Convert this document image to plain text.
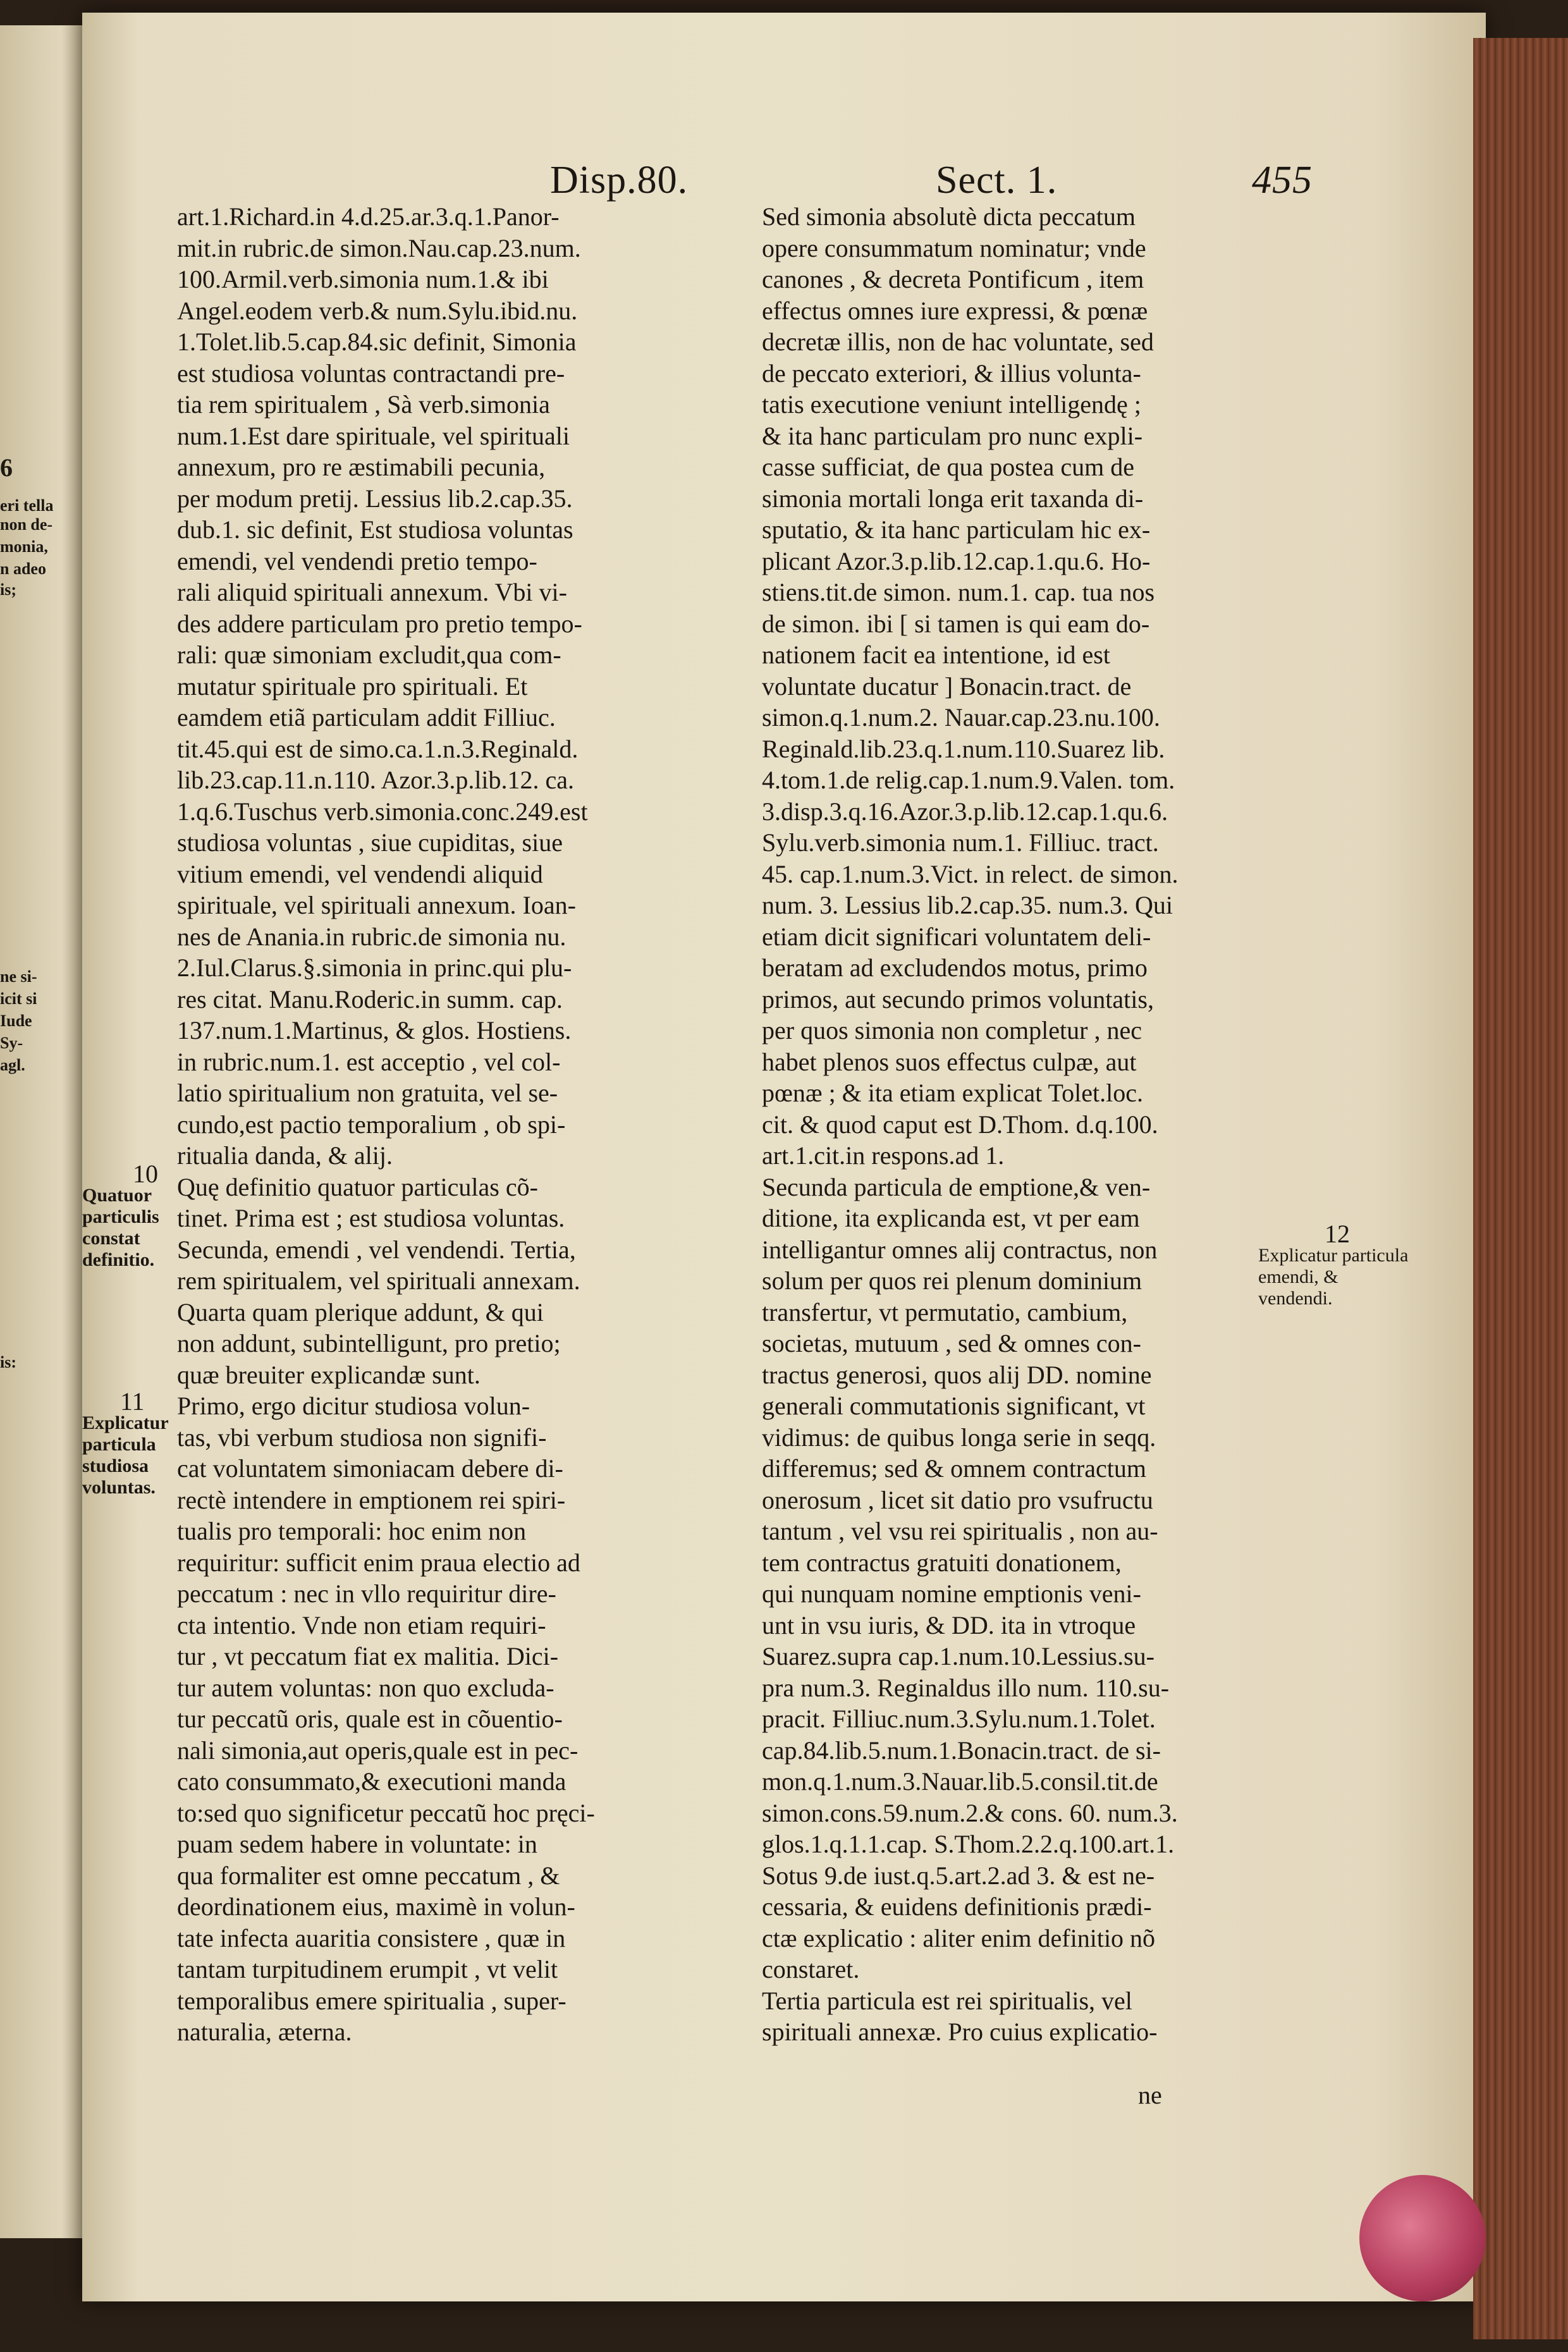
6
eri tella
non de-
monia,
n adeo
is;
ne si-
icit si
Iude
Sy-
agl.
is:
Disp.80.	Sect. 1.	455
art.1.Richard.in 4.d.25.ar.3.q.1.Panor-
mit.in rubric.de simon.Nau.cap.23.num.
100.Armil.verb.simonia num.1.& ibi
Angel.eodem verb.& num.Sylu.ibid.nu.
1.Tolet.lib.5.cap.84.sic definit, Simonia
est studiosa voluntas contractandi pre-
tia rem spiritualem , Sà verb.simonia
num.1.Est dare spirituale, vel spirituali
annexum, pro re æstimabili pecunia,
per modum pretij. Lessius lib.2.cap.35.
dub.1. sic definit, Est studiosa voluntas
emendi, vel vendendi pretio tempo-
rali aliquid spirituali annexum. Vbi vi-
des addere particulam pro pretio tempo-
rali: quæ simoniam excludit,qua com-
mutatur spirituale pro spirituali. Et
eamdem etiã particulam addit Filliuc.
tit.45.qui est de simo.ca.1.n.3.Reginald.
lib.23.cap.11.n.110. Azor.3.p.lib.12. ca.
1.q.6.Tuschus verb.simonia.conc.249.est
studiosa voluntas , siue cupiditas, siue
vitium emendi, vel vendendi aliquid
spirituale, vel spirituali annexum. Ioan-
nes de Anania.in rubric.de simonia nu.
2.Iul.Clarus.§.simonia in princ.qui plu-
res citat. Manu.Roderic.in summ. cap.
137.num.1.Martinus, & glos. Hostiens.
in rubric.num.1. est acceptio , vel col-
latio spiritualium non gratuita, vel se-
cundo,est pactio temporalium , ob spi-
ritualia danda, & alij.
Quę definitio quatuor particulas cõ-
tinet. Prima est ; est studiosa voluntas.
Secunda, emendi , vel vendendi. Tertia,
rem spiritualem, vel spirituali annexam.
Quarta quam plerique addunt, & qui
non addunt, subintelligunt, pro pretio;
quæ breuiter explicandæ sunt.
Primo, ergo dicitur studiosa volun-
tas, vbi verbum studiosa non signifi-
cat voluntatem simoniacam debere di-
rectè intendere in emptionem rei spiri-
tualis pro temporali: hoc enim non
requiritur: sufficit enim praua electio ad
peccatum : nec in vllo requiritur dire-
cta intentio. Vnde non etiam requiri-
tur , vt peccatum fiat ex malitia. Dici-
tur autem voluntas: non quo excluda-
tur peccatũ oris, quale est in cõuentio-
nali simonia,aut operis,quale est in pec-
cato consummato,& executioni manda
to:sed quo significetur peccatũ hoc pręci-
puam sedem habere in voluntate: in
qua formaliter est omne peccatum , &
deordinationem eius, maximè in volun-
tate infecta auaritia consistere , quæ in
tantam turpitudinem erumpit , vt velit
temporalibus emere spiritualia , super-
naturalia, æterna.
Sed simonia absolutè dicta peccatum
opere consummatum nominatur; vnde
canones , & decreta Pontificum , item
effectus omnes iure expressi, & pœnæ
decretæ illis, non de hac voluntate, sed
de peccato exteriori, & illius volunta-
tatis executione veniunt intelligendę ;
& ita hanc particulam pro nunc expli-
casse sufficiat, de qua postea cum de
simonia mortali longa erit taxanda di-
sputatio, & ita hanc particulam hic ex-
plicant Azor.3.p.lib.12.cap.1.qu.6. Ho-
stiens.tit.de simon. num.1. cap. tua nos
de simon. ibi [ si tamen is qui eam do-
nationem facit ea intentione, id est
voluntate ducatur ] Bonacin.tract. de
simon.q.1.num.2. Nauar.cap.23.nu.100.
Reginald.lib.23.q.1.num.110.Suarez lib.
4.tom.1.de relig.cap.1.num.9.Valen. tom.
3.disp.3.q.16.Azor.3.p.lib.12.cap.1.qu.6.
Sylu.verb.simonia num.1. Filliuc. tract.
45. cap.1.num.3.Vict. in relect. de simon.
num. 3. Lessius lib.2.cap.35. num.3. Qui
etiam dicit significari voluntatem deli-
beratam ad excludendos motus, primo
primos, aut secundo primos voluntatis,
per quos simonia non completur , nec
habet plenos suos effectus culpæ, aut
pœnæ ; & ita etiam explicat Tolet.loc.
cit. & quod caput est D.Thom. d.q.100.
art.1.cit.in respons.ad 1.
Secunda particula de emptione,& ven-
ditione, ita explicanda est, vt per eam
intelligantur omnes alij contractus, non
solum per quos rei plenum dominium
transfertur, vt permutatio, cambium,
societas, mutuum , sed & omnes con-
tractus generosi, quos alij DD. nomine
generali commutationis significant, vt
vidimus: de quibus longa serie in seqq.
differemus; sed & omnem contractum
onerosum , licet sit datio pro vsufructu
tantum , vel vsu rei spiritualis , non au-
tem contractus gratuiti donationem,
qui nunquam nomine emptionis veni-
unt in vsu iuris, & DD. ita in vtroque
Suarez.supra cap.1.num.10.Lessius.su-
pra num.3. Reginaldus illo num. 110.su-
pracit. Filliuc.num.3.Sylu.num.1.Tolet.
cap.84.lib.5.num.1.Bonacin.tract. de si-
mon.q.1.num.3.Nauar.lib.5.consil.tit.de
simon.cons.59.num.2.& cons. 60. num.3.
glos.1.q.1.1.cap. S.Thom.2.2.q.100.art.1.
Sotus 9.de iust.q.5.art.2.ad 3. & est ne-
cessaria, & euidens definitionis prædi-
ctæ explicatio : aliter enim definitio nõ
constaret.
Tertia particula est rei spiritualis, vel
spirituali annexæ. Pro cuius explicatio-
10
Quatuor particulis constat definitio.
11
Explicatur particula studiosa voluntas.
12
Explicatur particula emendi, & vendendi.
ne
